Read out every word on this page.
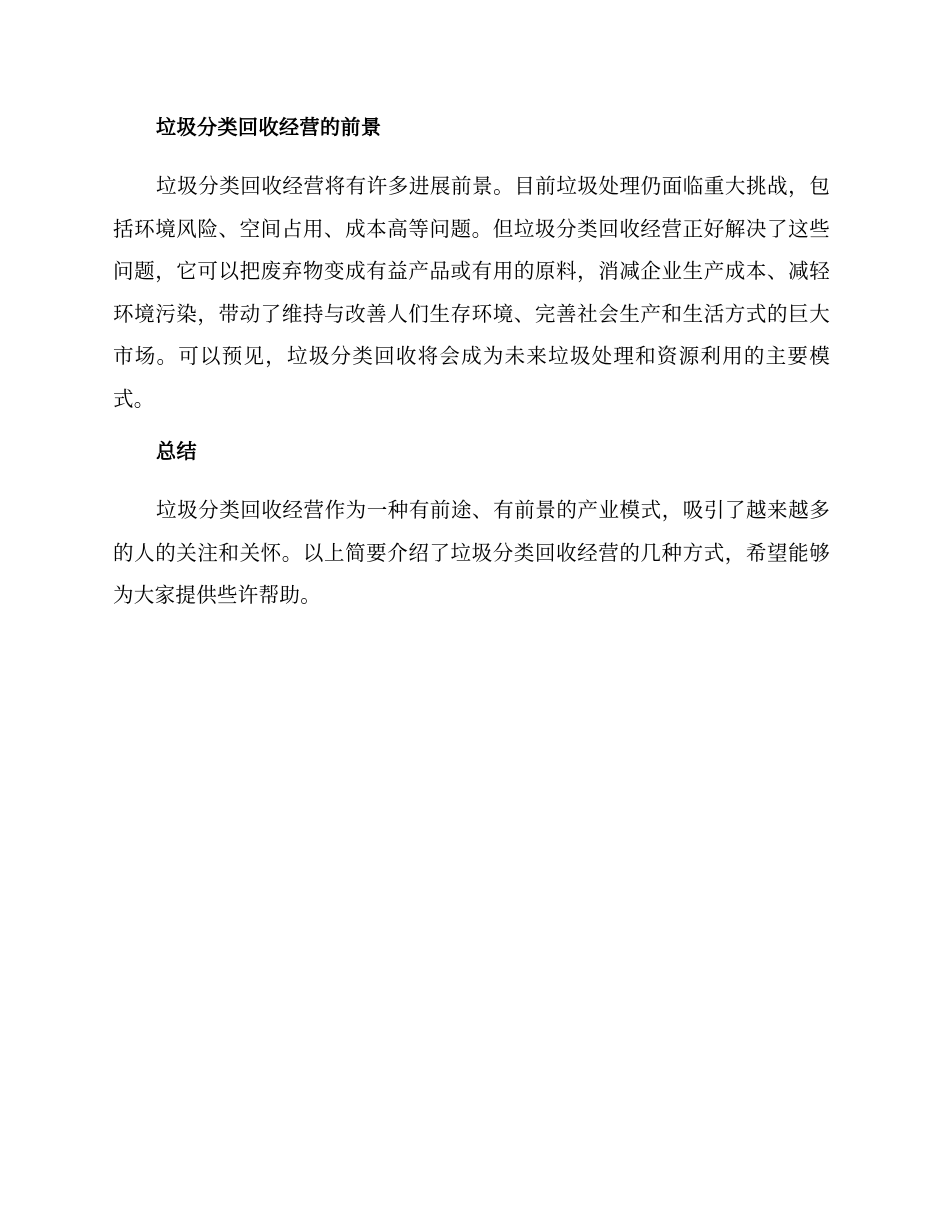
垃圾分类回收经营的前景

垃圾分类回收经营将有许多进展前景。目前垃圾处理仍面临重大挑战，包括环境风险、空间占用、成本高等问题。但垃圾分类回收经营正好解决了这些问题，它可以把废弃物变成有益产品或有用的原料，消减企业生产成本、减轻环境污染，带动了维持与改善人们生存环境、完善社会生产和生活方式的巨大市场。可以预见，垃圾分类回收将会成为未来垃圾处理和资源利用的主要模式。

总结

垃圾分类回收经营作为一种有前途、有前景的产业模式，吸引了越来越多的人的关注和关怀。以上简要介绍了垃圾分类回收经营的几种方式，希望能够为大家提供些许帮助。
